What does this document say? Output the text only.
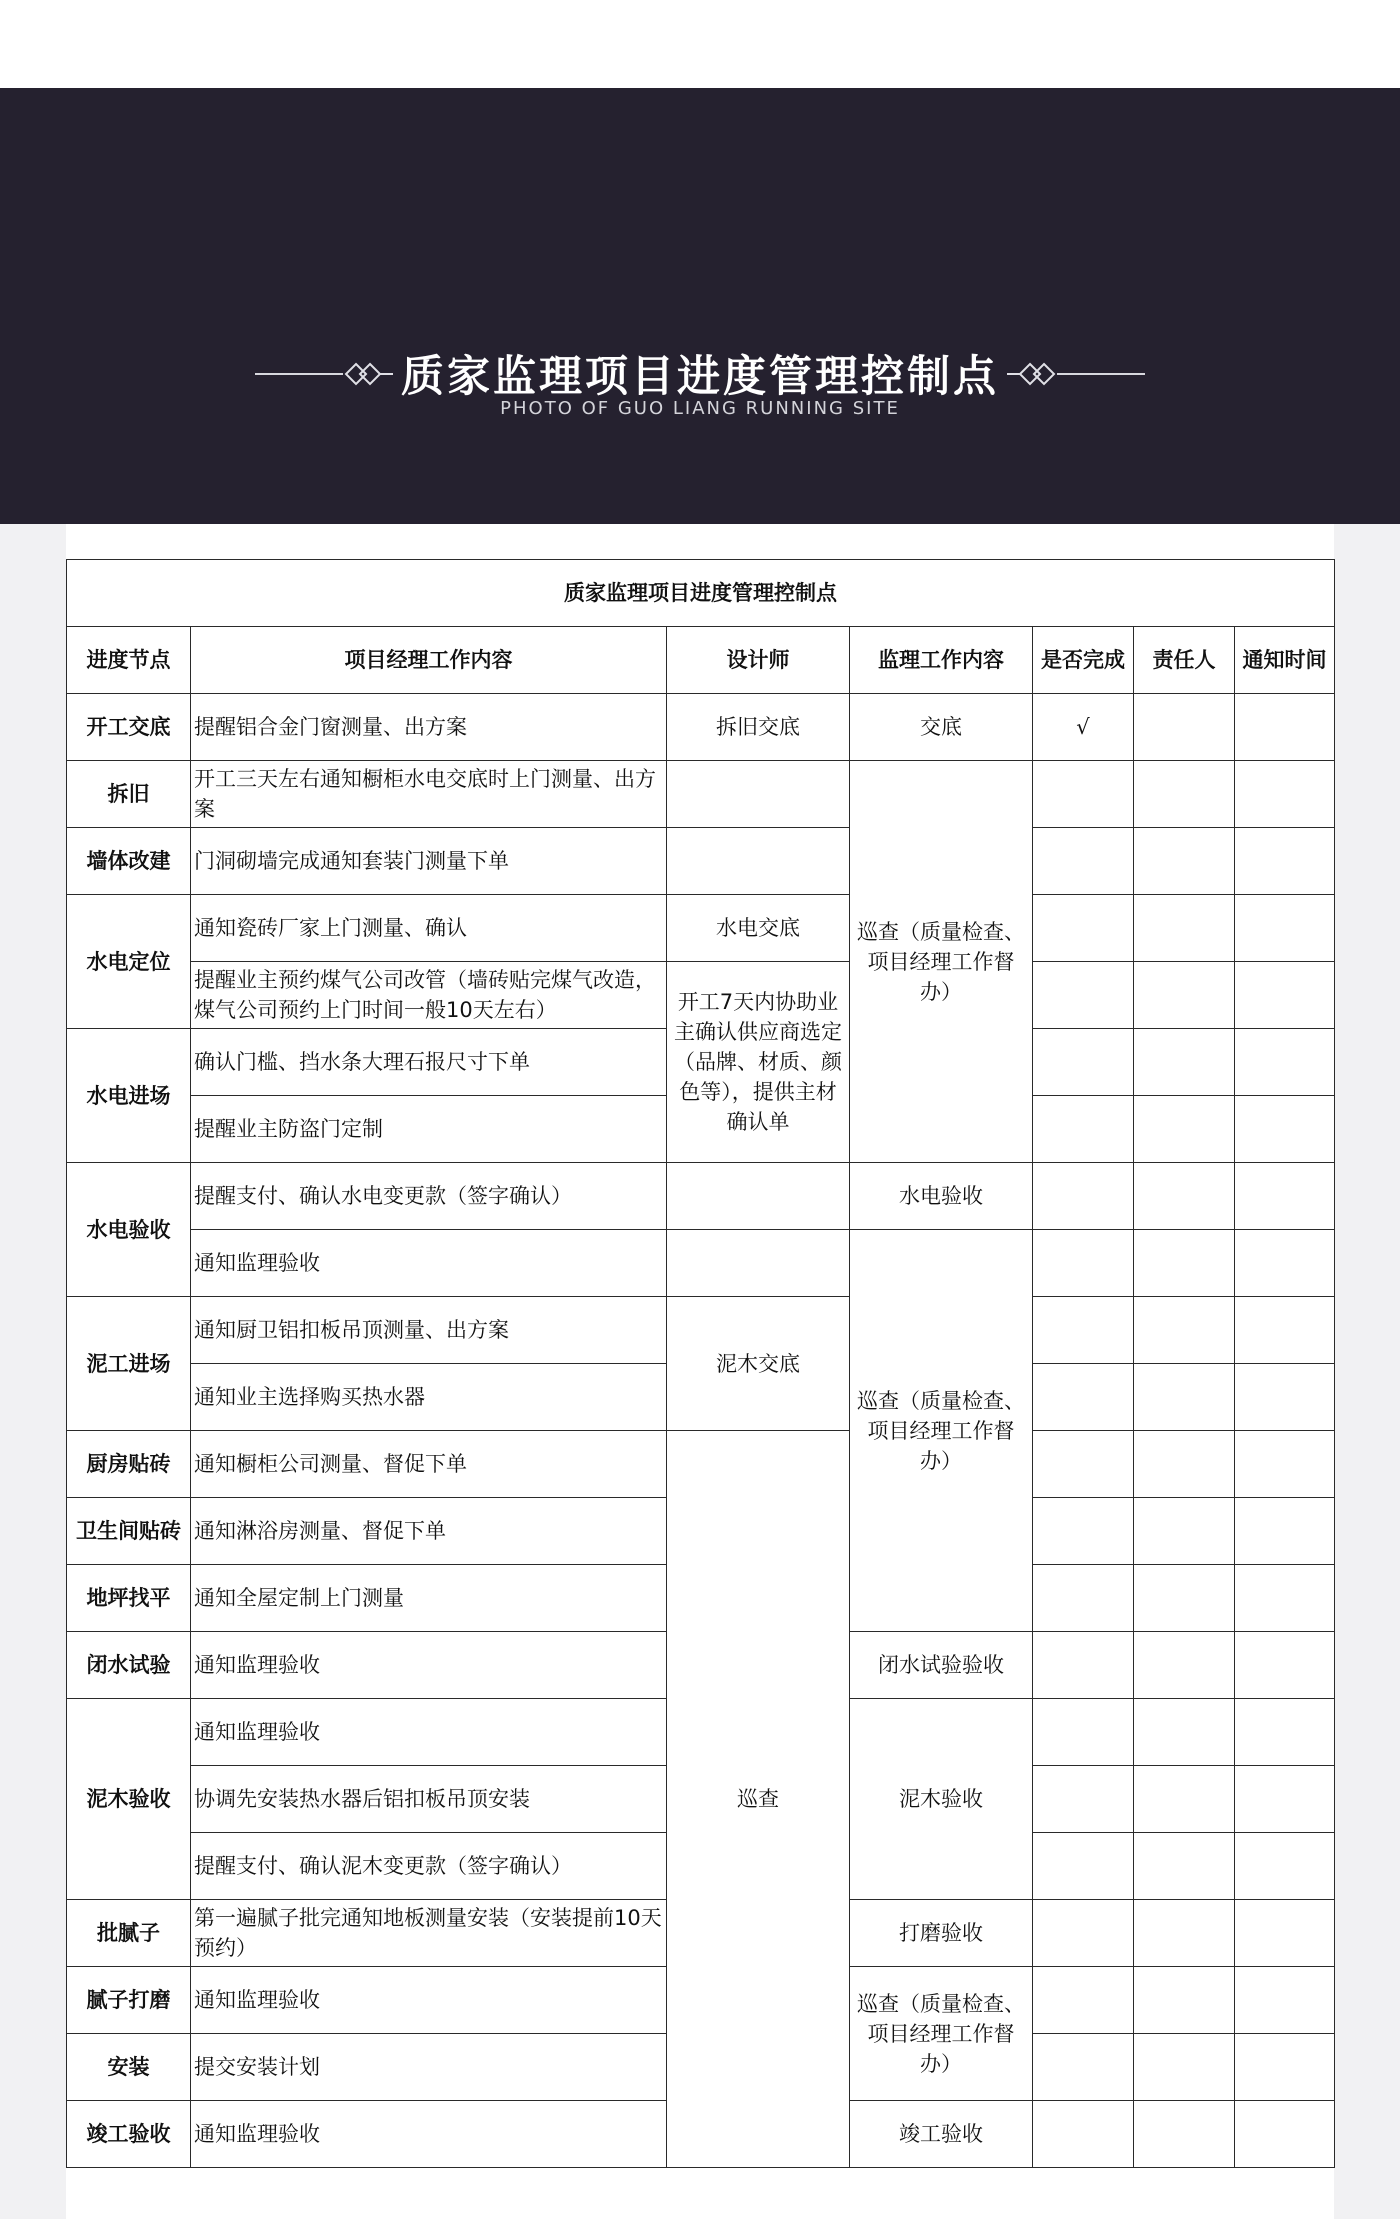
质家监理项目进度管理控制点
PHOTO OF GUO LIANG RUNNING SITE
质家监理项目进度管理控制点						
进度节点	项目经理工作内容	设计师	监理工作内容	是否完成	责任人	通知时间
开工交底	提醒铝合金门窗测量、出方案	拆旧交底	交底	√		
拆旧	开工三天左右通知橱柜水电交底时上门测量、出方案		巡查（质量检查、项目经理工作督办）			
墙体改建	门洞砌墙完成通知套装门测量下单					
水电定位	通知瓷砖厂家上门测量、确认	水电交底				
	提醒业主预约煤气公司改管（墙砖贴完煤气改造，煤气公司预约上门时间一般10天左右）	开工7天内协助业主确认供应商选定（品牌、材质、颜色等），提供主材确认单				
水电进场	确认门槛、挡水条大理石报尺寸下单					
	提醒业主防盗门定制					
水电验收	提醒支付、确认水电变更款（签字确认）		水电验收			
	通知监理验收		巡查（质量检查、项目经理工作督办）			
泥工进场	通知厨卫铝扣板吊顶测量、出方案	泥木交底				
	通知业主选择购买热水器					
厨房贴砖	通知橱柜公司测量、督促下单	巡查				
卫生间贴砖	通知淋浴房测量、督促下单					
地坪找平	通知全屋定制上门测量					
闭水试验	通知监理验收		闭水试验验收			
泥木验收	通知监理验收		泥木验收			
	协调先安装热水器后铝扣板吊顶安装					
	提醒支付、确认泥木变更款（签字确认）					
批腻子	第一遍腻子批完通知地板测量安装（安装提前10天预约）		打磨验收			
腻子打磨	通知监理验收		巡查（质量检查、项目经理工作督办）			
安装	提交安装计划					
竣工验收	通知监理验收		竣工验收			
